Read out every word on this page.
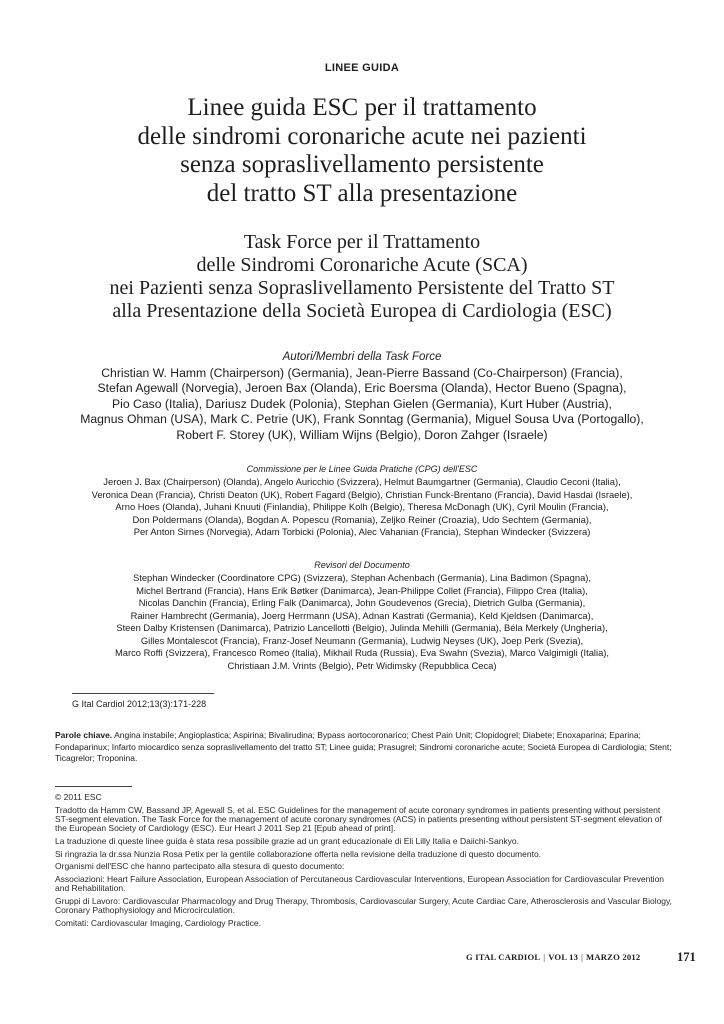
LINEE GUIDA
Linee guida ESC per il trattamento
delle sindromi coronariche acute nei pazienti
senza sopraslivellamento persistente
del tratto ST alla presentazione
Task Force per il Trattamento
delle Sindromi Coronariche Acute (SCA)
nei Pazienti senza Sopraslivellamento Persistente del Tratto ST
alla Presentazione della Società Europea di Cardiologia (ESC)
Autori/Membri della Task Force
Christian W. Hamm (Chairperson) (Germania), Jean-Pierre Bassand (Co-Chairperson) (Francia),
Stefan Agewall (Norvegia), Jeroen Bax (Olanda), Eric Boersma (Olanda), Hector Bueno (Spagna),
Pio Caso (Italia), Dariusz Dudek (Polonia), Stephan Gielen (Germania), Kurt Huber (Austria),
Magnus Ohman (USA), Mark C. Petrie (UK), Frank Sonntag (Germania), Miguel Sousa Uva (Portogallo),
Robert F. Storey (UK), William Wijns (Belgio), Doron Zahger (Israele)
Commissione per le Linee Guida Pratiche (CPG) dell'ESC
Jeroen J. Bax (Chairperson) (Olanda), Angelo Auricchio (Svizzera), Helmut Baumgartner (Germania), Claudio Ceconi (Italia),
Veronica Dean (Francia), Christi Deaton (UK), Robert Fagard (Belgio), Christian Funck-Brentano (Francia), David Hasdai (Israele),
Arno Hoes (Olanda), Juhani Knuuti (Finlandia), Philippe Kolh (Belgio), Theresa McDonagh (UK), Cyril Moulin (Francia),
Don Poldermans (Olanda), Bogdan A. Popescu (Romania), Zeljko Reiner (Croazia), Udo Sechtem (Germania),
Per Anton Sirnes (Norvegia), Adam Torbicki (Polonia), Alec Vahanian (Francia), Stephan Windecker (Svizzera)
Revisori del Documento
Stephan Windecker (Coordinatore CPG) (Svizzera), Stephan Achenbach (Germania), Lina Badimon (Spagna),
Michel Bertrand (Francia), Hans Erik Bøtker (Danimarca), Jean-Philippe Collet (Francia), Filippo Crea (Italia),
Nicolas Danchin (Francia), Erling Falk (Danimarca), John Goudevenos (Grecia), Dietrich Gulba (Germania),
Rainer Hambrecht (Germania), Joerg Herrmann (USA), Adnan Kastrati (Germania), Keld Kjeldsen (Danimarca),
Steen Dalby Kristensen (Danimarca), Patrizio Lancellotti (Belgio), Julinda Mehilli (Germania), Béla Merkely (Ungheria),
Gilles Montalescot (Francia), Franz-Josef Neumann (Germania), Ludwig Neyses (UK), Joep Perk (Svezia),
Marco Roffi (Svizzera), Francesco Romeo (Italia), Mikhail Ruda (Russia), Eva Swahn (Svezia), Marco Valgimigli (Italia),
Christiaan J.M. Vrints (Belgio), Petr Widimsky (Repubblica Ceca)
G Ital Cardiol 2012;13(3):171-228
Parole chiave. Angina instabile; Angioplastica; Aspirina; Bivalirudina; Bypass aortocoronarico; Chest Pain Unit; Clopidogrel; Diabete; Enoxaparina; Eparina; Fondaparinux; Infarto miocardico senza sopraslivellamento del tratto ST; Linee guida; Prasugrel; Sindromi coronariche acute; Società Europea di Cardiologia; Stent; Ticagrelor; Troponina.
© 2011 ESC
Tradotto da Hamm CW, Bassand JP, Agewall S, et al. ESC Guidelines for the management of acute coronary syndromes in patients presenting without persistent ST-segment elevation. The Task Force for the management of acute coronary syndromes (ACS) in patients presenting without persistent ST-segment elevation of the European Society of Cardiology (ESC). Eur Heart J 2011 Sep 21 [Epub ahead of print].
La traduzione di queste linee guida è stata resa possibile grazie ad un grant educazionale di Eli Lilly Italia e Daiichi-Sankyo.
Si ringrazia la dr.ssa Nunzia Rosa Petix per la gentile collaborazione offerta nella revisione della traduzione di questo documento.
Organismi dell'ESC che hanno partecipato alla stesura di questo documento:
Associazioni: Heart Failure Association, European Association of Percutaneous Cardiovascular Interventions, European Association for Cardiovascular Prevention and Rehabilitation.
Gruppi di Lavoro: Cardiovascular Pharmacology and Drug Therapy, Thrombosis, Cardiovascular Surgery, Acute Cardiac Care, Atherosclerosis and Vascular Biology, Coronary Pathophysiology and Microcirculation.
Comitati: Cardiovascular Imaging, Cardiology Practice.
G ITAL CARDIOL | VOL 13 | MARZO 2012	171
